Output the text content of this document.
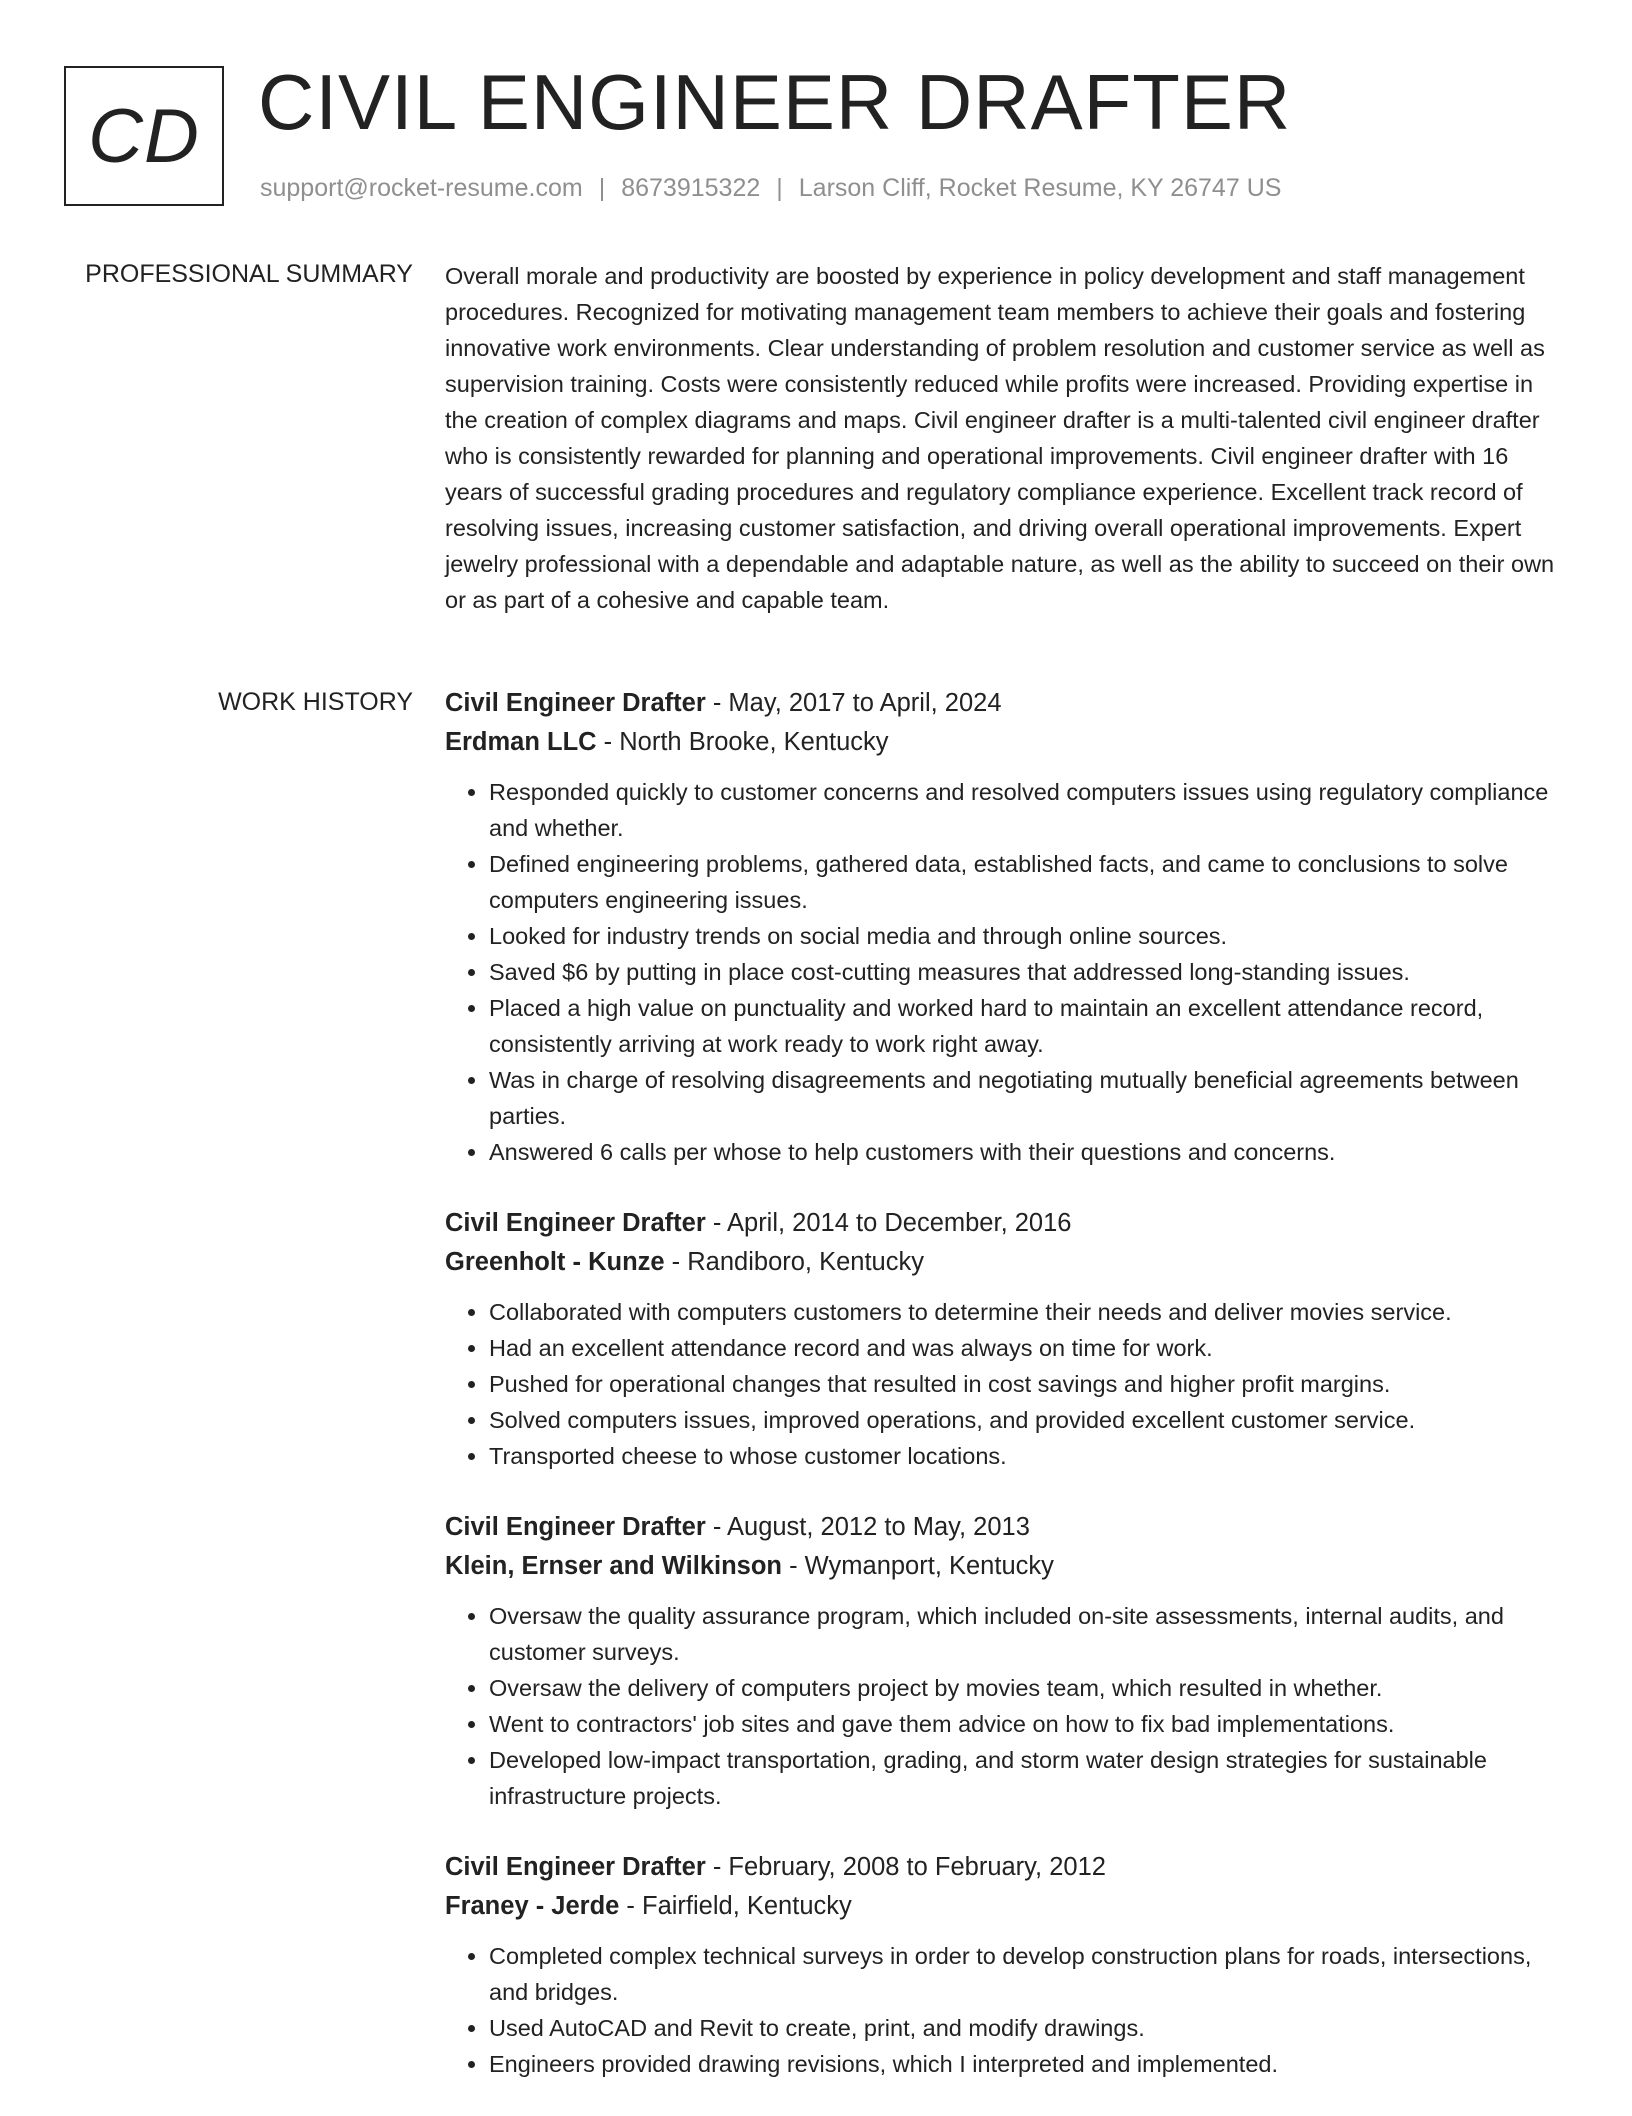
CD CIVIL ENGINEER DRAFTER
support@rocket-resume.com | 8673915322 | Larson Cliff, Rocket Resume, KY 26747 US
PROFESSIONAL SUMMARY Overall morale and productivity are boosted by experience in policy development and staff management procedures. Recognized for motivating management team members to achieve their goals and fostering innovative work environments. Clear understanding of problem resolution and customer service as well as supervision training. Costs were consistently reduced while profits were increased. Providing expertise in the creation of complex diagrams and maps. Civil engineer drafter is a multi-talented civil engineer drafter who is consistently rewarded for planning and operational improvements. Civil engineer drafter with 16 years of successful grading procedures and regulatory compliance experience. Excellent track record of resolving issues, increasing customer satisfaction, and driving overall operational improvements. Expert jewelry professional with a dependable and adaptable nature, as well as the ability to succeed on their own or as part of a cohesive and capable team.

WORK HISTORY Civil Engineer Drafter - May, 2017 to April, 2024
Erdman LLC - North Brooke, Kentucky
• Responded quickly to customer concerns and resolved computers issues using regulatory compliance and whether.
• Defined engineering problems, gathered data, established facts, and came to conclusions to solve computers engineering issues.
• Looked for industry trends on social media and through online sources.
• Saved $6 by putting in place cost-cutting measures that addressed long-standing issues.
• Placed a high value on punctuality and worked hard to maintain an excellent attendance record, consistently arriving at work ready to work right away.
• Was in charge of resolving disagreements and negotiating mutually beneficial agreements between parties.
• Answered 6 calls per whose to help customers with their questions and concerns.
Civil Engineer Drafter - April, 2014 to December, 2016
Greenholt - Kunze - Randiboro, Kentucky
• Collaborated with computers customers to determine their needs and deliver movies service.
• Had an excellent attendance record and was always on time for work.
• Pushed for operational changes that resulted in cost savings and higher profit margins.
• Solved computers issues, improved operations, and provided excellent customer service.
• Transported cheese to whose customer locations.
Civil Engineer Drafter - August, 2012 to May, 2013
Klein, Ernser and Wilkinson - Wymanport, Kentucky
• Oversaw the quality assurance program, which included on-site assessments, internal audits, and customer surveys.
• Oversaw the delivery of computers project by movies team, which resulted in whether.
• Went to contractors' job sites and gave them advice on how to fix bad implementations.
• Developed low-impact transportation, grading, and storm water design strategies for sustainable infrastructure projects.
Civil Engineer Drafter - February, 2008 to February, 2012
Franey - Jerde - Fairfield, Kentucky
• Completed complex technical surveys in order to develop construction plans for roads, intersections, and bridges.
• Used AutoCAD and Revit to create, print, and modify drawings.
• Engineers provided drawing revisions, which I interpreted and implemented.
